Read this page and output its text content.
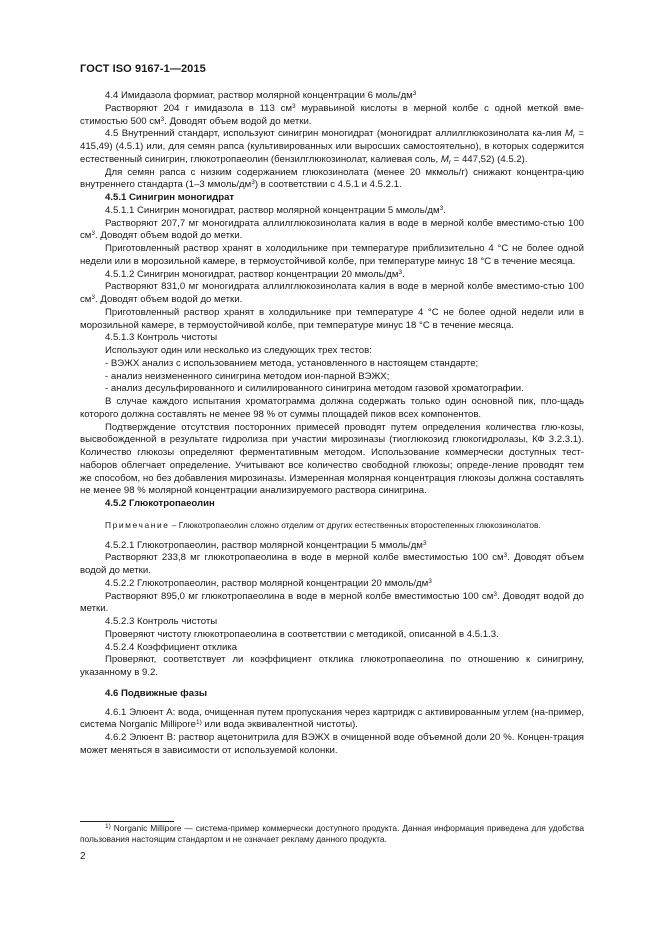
ГОСТ ISO 9167-1—2015

4.4 Имидазола формиат, раствор молярной концентрации 6 моль/$дм^3$

Растворяют 204 г имидазола в 113 $см^3$ муравьиной кислоты в мерной колбе с одной меткой вме-стимостью 500 $см^3$. Доводят объем водой до метки.

4.5 Внутренний стандарт, используют синигрин моногидрат (моногидрат аллилглюкозинолата ка-лия $M_r = 415,49$) (4.5.1) или, для семян рапса (культивированных или выросших самостоятельно), в которых содержится естественный синигрин, глюкотропаеолин (бензилглюкозинолат, калиевая соль, $M_r = 447,52$) (4.5.2).

Для семян рапса с низким содержанием глюкозинолата (менее 20 мкмоль/г) снижают концентра-цию внутреннего стандарта (1–3 ммоль/$дм^3$) в соответствии с 4.5.1 и 4.5.2.1.

4.5.1 Синигрин моногидрат

4.5.1.1 Синигрин моногидрат, раствор молярной концентрации 5 ммоль/$дм^3$.

Растворяют 207,7 мг моногидрата аллилглюкозинолата калия в воде в мерной колбе вместимо-стью 100 $см^3$. Доводят объем водой до метки.

Приготовленный раствор хранят в холодильнике при температуре приблизительно 4 °C не более одной недели или в морозильной камере, в термоустойчивой колбе, при температуре минус 18 °C в течение месяца.

4.5.1.2 Синигрин моногидрат, раствор концентрации 20 ммоль/$дм^3$.

Растворяют 831,0 мг моногидрата аллилглюкозинолата калия в воде в мерной колбе вместимо-стью 100 $см^3$. Доводят объем водой до метки.

Приготовленный раствор хранят в холодильнике при температуре 4 °C не более одной недели или в морозильной камере, в термоустойчивой колбе, при температуре минус 18 °C в течение месяца.

4.5.1.3 Контроль чистоты

Используют один или несколько из следующих трех тестов:

- ВЭЖХ анализ с использованием метода, установленного в настоящем стандарте;

- анализ неизмененного синигрина методом ион-парной ВЭЖХ;

- анализ десульфированного и силилированного синигрина методом газовой хроматографии.

В случае каждого испытания хроматограмма должна содержать только один основной пик, пло-щадь которого должна составлять не менее 98 % от суммы площадей пиков всех компонентов.

Подтверждение отсутствия посторонних примесей проводят путем определения количества глю-козы, высвобожденной в результате гидролиза при участии мирозиназы (тиоглюкозид глюкогидролазы, КФ 3.2.3.1). Количество глюкозы определяют ферментативным методом. Использование коммерчески доступных тест-наборов облегчает определение. Учитывают все количество свободной глюкозы; опреде-ление проводят тем же способом, но без добавления мирозиназы. Измеренная молярная концентрация глюкозы должна составлять не менее 98 % молярной концентрации анализируемого раствора синигрина.

4.5.2 Глюкотропаеолин

Примечание – Глюкотропаеолин сложно отделим от других естественных второстепенных глюкозинолатов.

4.5.2.1 Глюкотропаеолин, раствор молярной концентрации 5 ммоль/$дм^3$

Растворяют 233,8 мг глюкотропаеолина в воде в мерной колбе вместимостью 100 $см^3$. Доводят объем водой до метки.

4.5.2.2 Глюкотропаеолин, раствор молярной концентрации 20 ммоль/$дм^3$

Растворяют 895,0 мг глюкотропаеолина в воде в мерной колбе вместимостью 100 $см^3$. Доводят водой до метки.

4.5.2.3 Контроль чистоты

Проверяют чистоту глюкотропаеолина в соответствии с методикой, описанной в 4.5.1.3.

4.5.2.4 Коэффициент отклика

Проверяют, соответствует ли коэффициент отклика глюкотропаеолина по отношению к синигрину, указанному в 9.2.

4.6 Подвижные фазы

4.6.1 Элюент А: вода, очищенная путем пропускания через картридж с активированным углем (на-пример, система Norganic Millipore$^{1)}$ или вода эквивалентной чистоты).

4.6.2 Элюент В: раствор ацетонитрила для ВЭЖХ в очищенной воде объемной доли 20 %. Концен-трация может меняться в зависимости от используемой колонки.

$^{1)}$ Norganic Millipore — система-пример коммерчески доступного продукта. Данная информация приведена для удобства пользования настоящим стандартом и не означает рекламу данного продукта.
2
